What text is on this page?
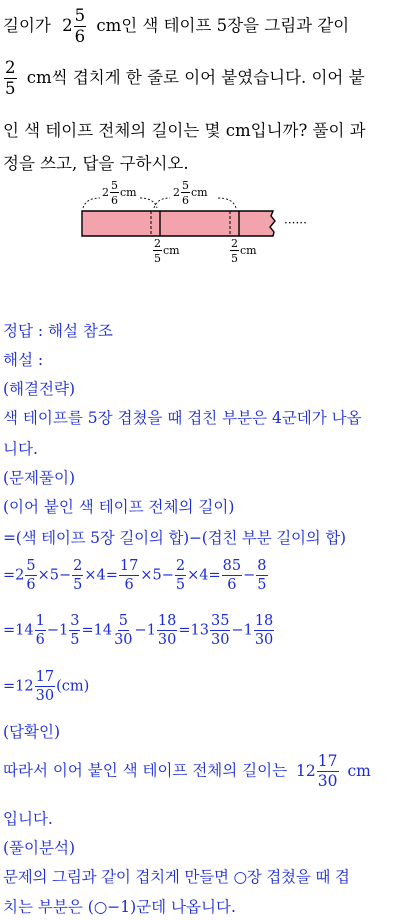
길이가 $2 \frac{5}{6}$ cm인 색 테이프 5장을 그림과 같이
$\frac{2}{5}$ cm씩 겹치게 한 줄로 이어 붙였습니다. 이어 붙
인 색 테이프 전체의 길이는 몇 cm입니까? 풀이 과
정을 쓰고, 답을 구하시오.
$2 \frac{5}{6}$ cm	$2 \frac{5}{6}$ cm
······
$\frac{2}{5}$ cm	$\frac{2}{5}$ cm
정답 : 해설 참조
해설 :
(해결전략)
색 테이프를 5장 겹쳤을 때 겹친 부분은 4군데가 나옵
니다.
(문제풀이)
(이어 붙인 색 테이프 전체의 길이)
=(색 테이프 5장 길이의 합)−(겹친 부분 길이의 합)
$=2 \frac{5}{6} \times 5- \frac{2}{5} \times 4= \frac{17}{6} \times 5- \frac{2}{5} \times 4= \frac{85}{6} - \frac{8}{5}$
$=14 \frac{1}{6} -1 \frac{3}{5} =14 \frac{5}{30} -1 \frac{18}{30} =13 \frac{35}{30} -1 \frac{18}{30}$
$=12 \frac{17}{30} (cm)$
(답확인)
따라서 이어 붙인 색 테이프 전체의 길이는 $12 \frac{17}{30}$ cm
입니다.
(풀이분석)
문제의 그림과 같이 겹치게 만들면 ○장 겹쳤을 때 겹
치는 부분은 (○−1)군데 나옵니다.
